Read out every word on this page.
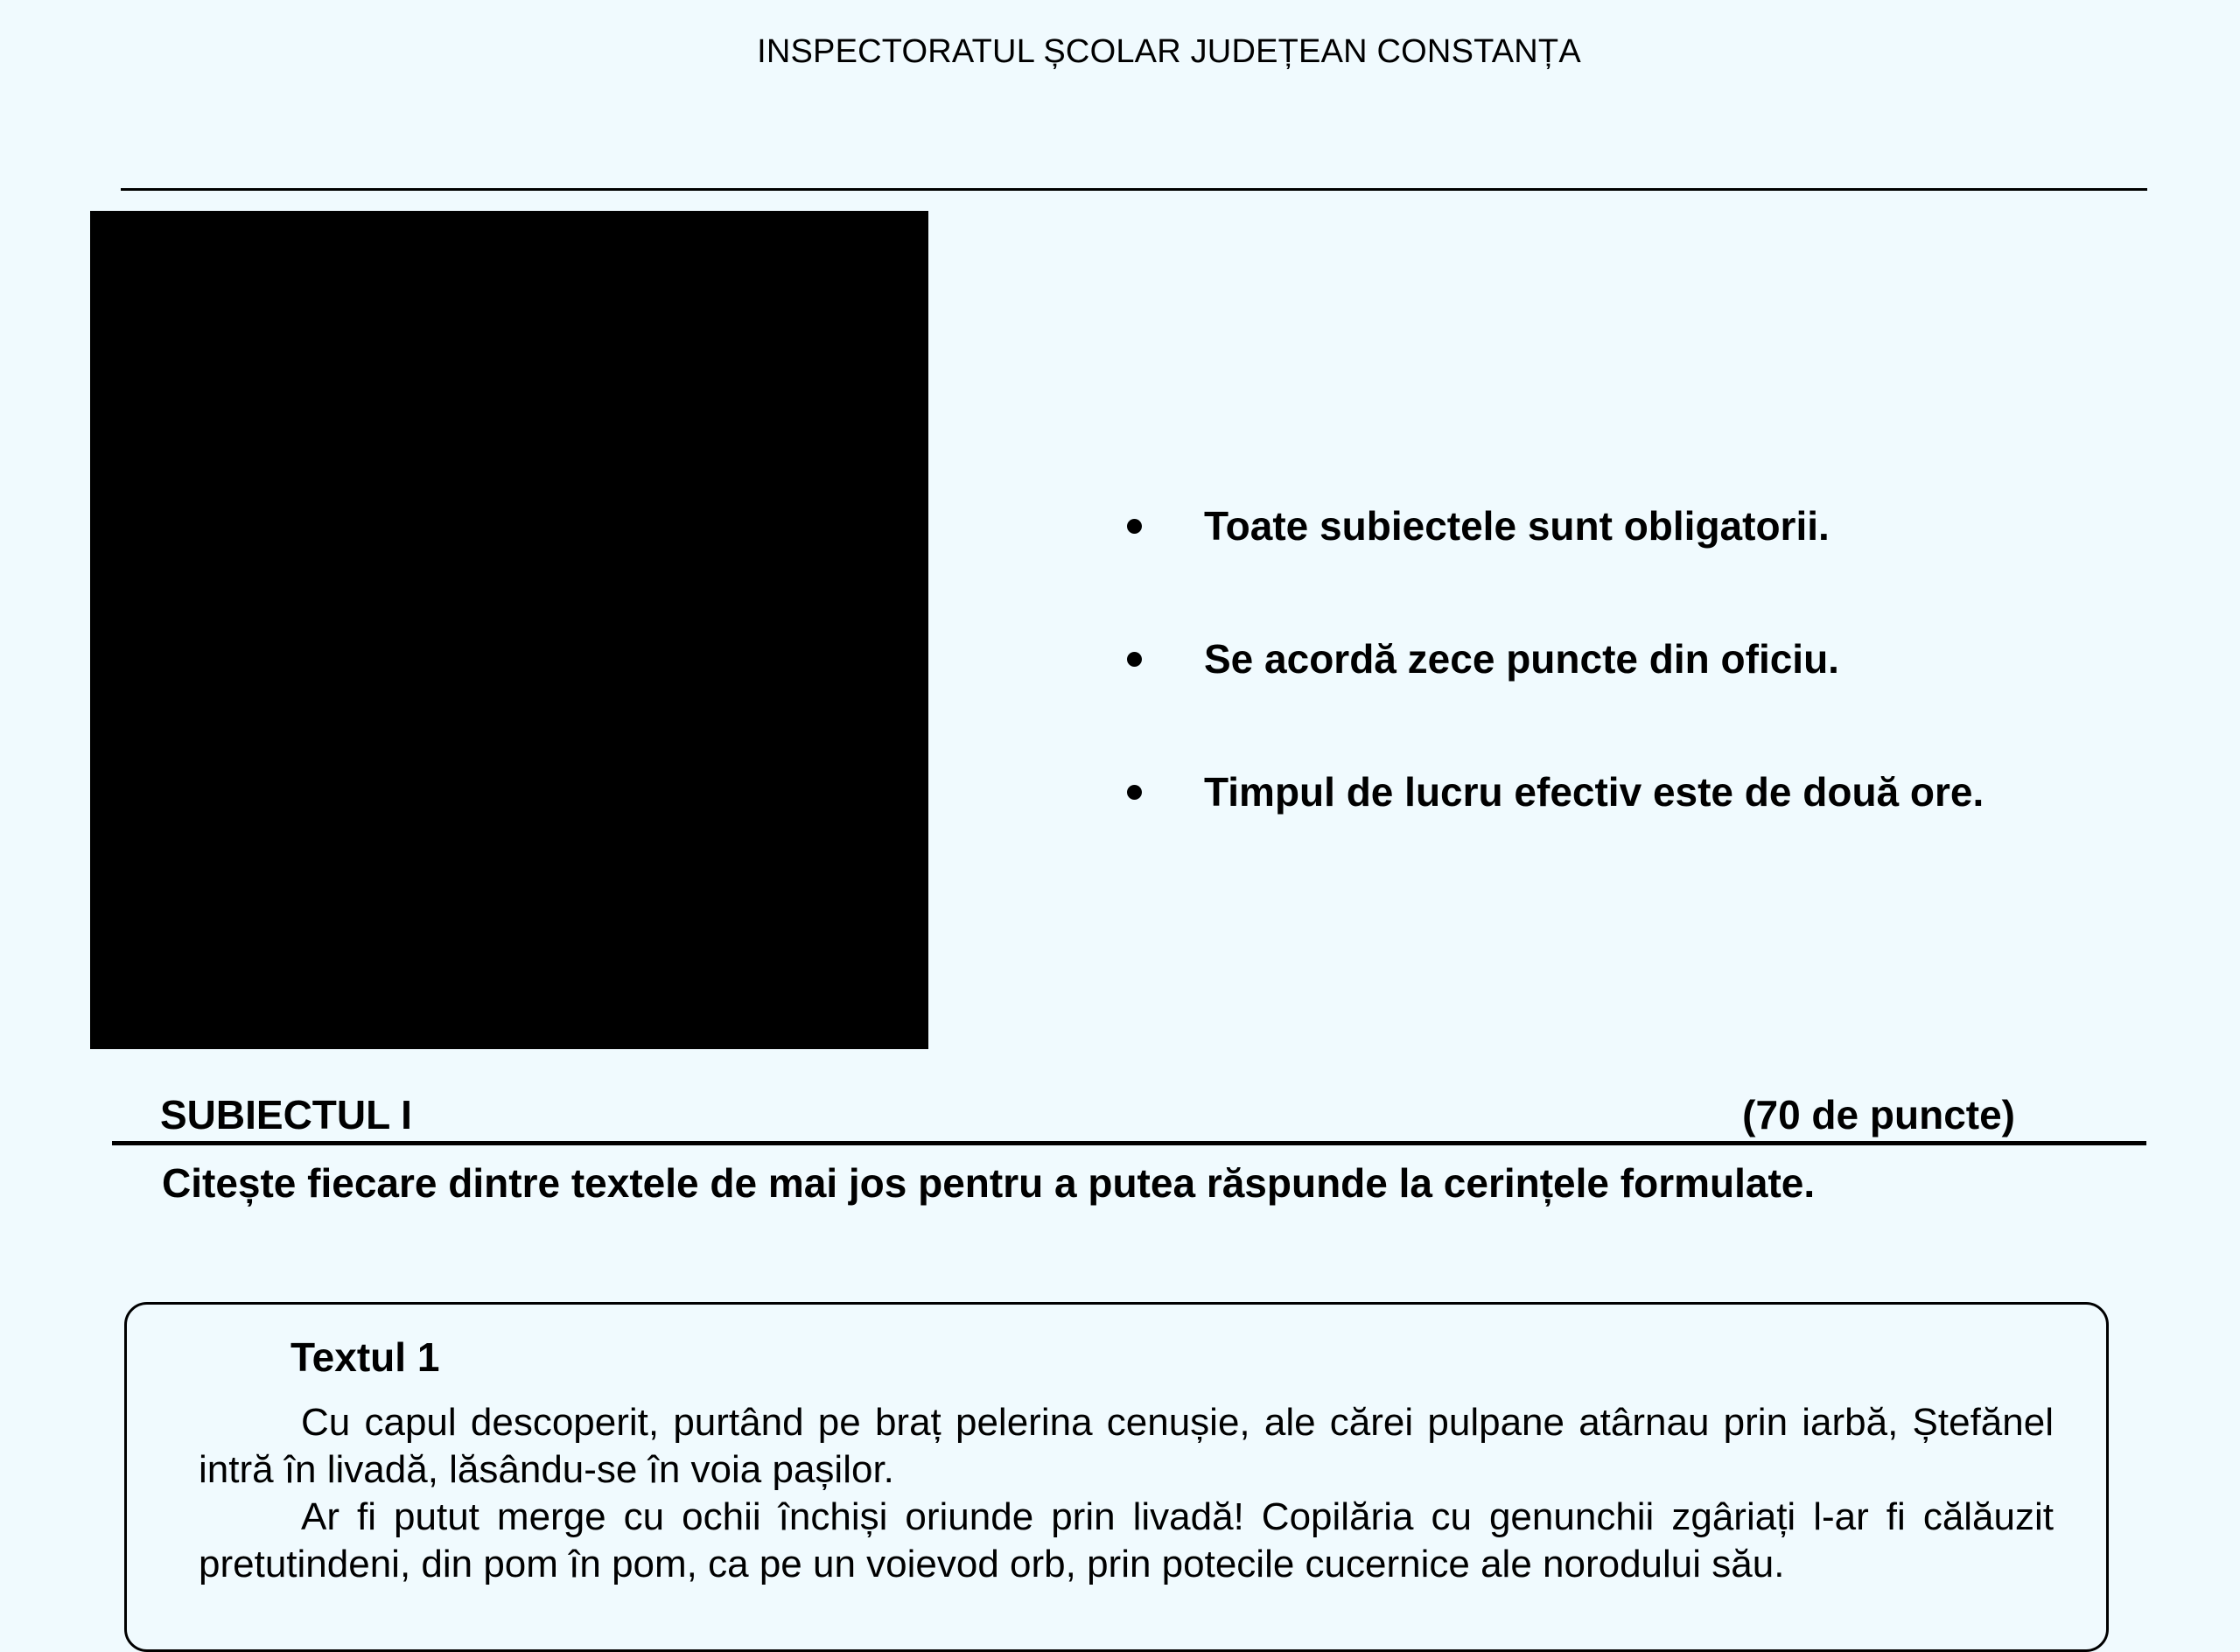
INSPECTORATUL ȘCOLAR JUDEȚEAN CONSTANȚA
Toate subiectele sunt obligatorii.
Se acordă zece puncte din oficiu.
Timpul de lucru efectiv este de două ore.
SUBIECTUL I	(70 de puncte)
Citește fiecare dintre textele de mai jos pentru a putea răspunde la cerințele formulate.
Textul 1

Cu capul descoperit, purtând pe braț pelerina cenușie, ale cărei pulpane atârnau prin iarbă, Ștefănel intră în livadă, lăsându-se în voia pașilor.

Ar fi putut merge cu ochii închiși oriunde prin livadă! Copilăria cu genunchii zgâriați l-ar fi călăuzit pretutindeni, din pom în pom, ca pe un voievod orb, prin potecile cucernice ale norodului său.
